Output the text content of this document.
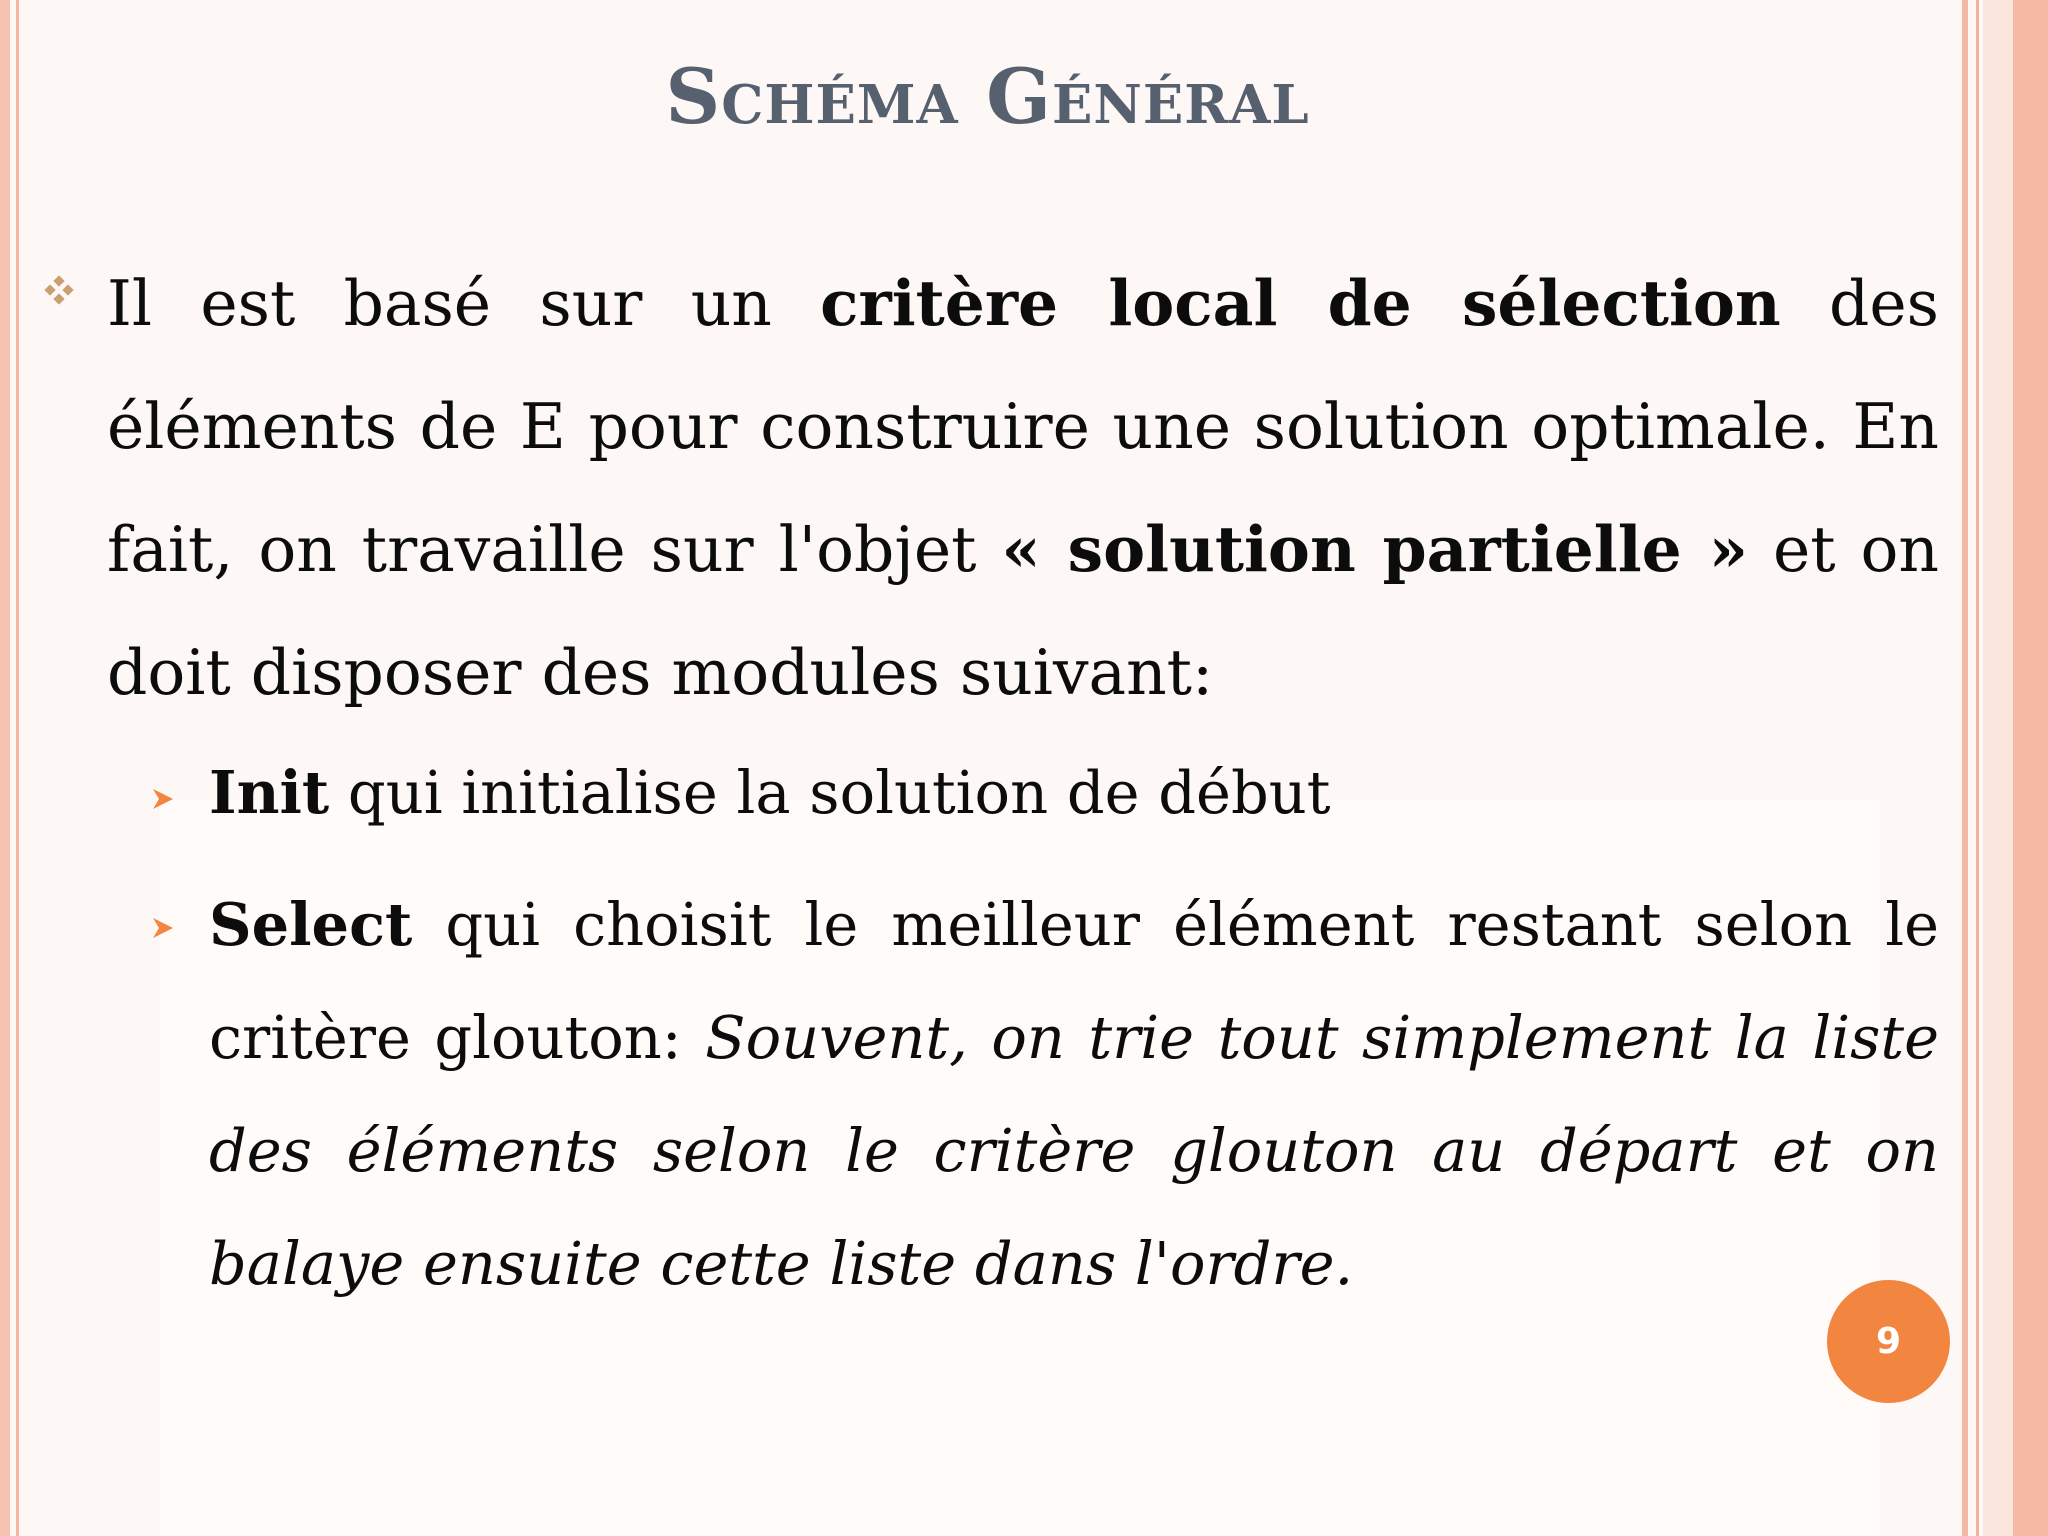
Schéma Général

Il est basé sur un critère local de sélection des éléments de E pour construire une solution optimale. En fait, on travaille sur l'objet « solution partielle » et on doit disposer des modules suivant:

Init qui initialise la solution de début

Select qui choisit le meilleur élément restant selon le critère glouton: Souvent, on trie tout simplement la liste des éléments selon le critère glouton au départ et on balaye ensuite cette liste dans l'ordre.

9
